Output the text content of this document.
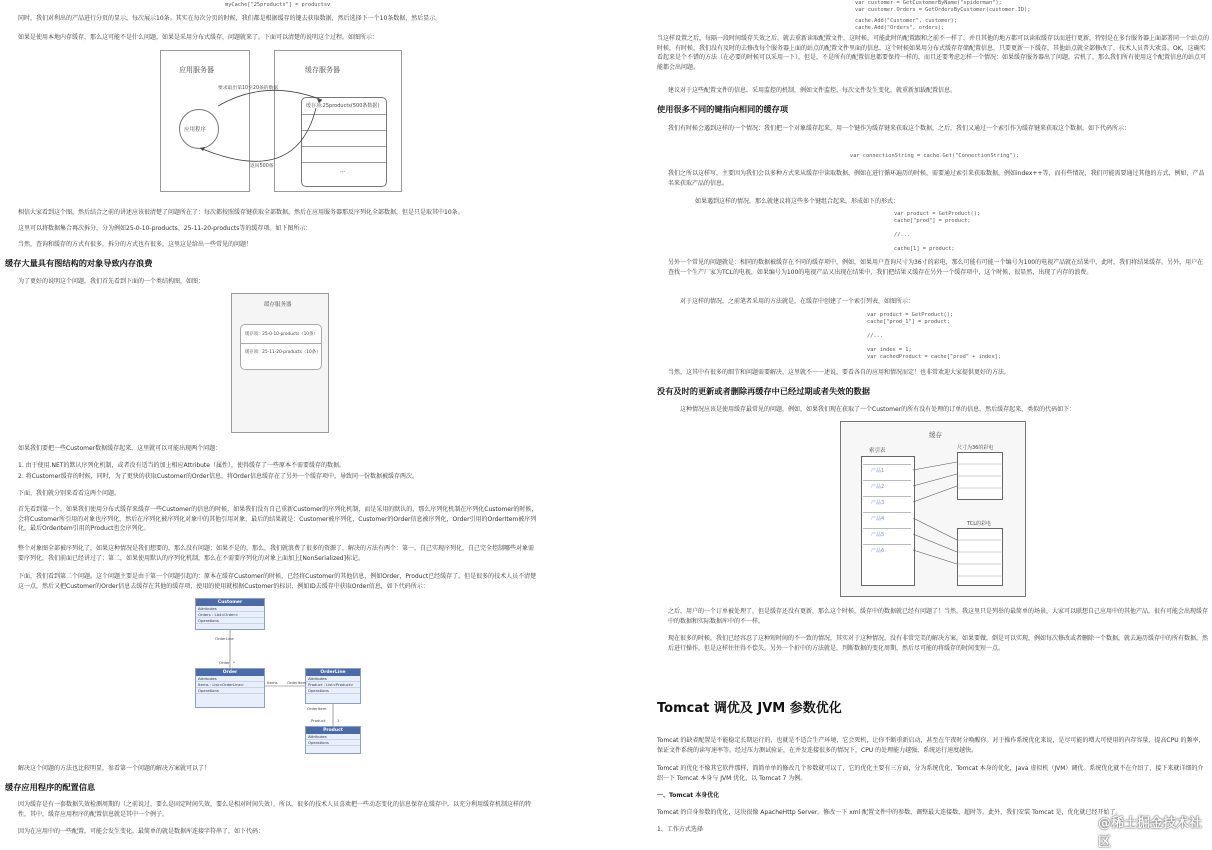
myCache["25products"] = productsv
同时，我们对利出的产品进行分页的显示，每次展示10条。其实在每次分页的时候，我们都是根据缓存的键去获取数据，然后选择下一个10条数据，然后显示。
如果是使用本地内存缓存，那么这可能不是什么问题，如果是采用分布式缓存，问题就来了。下面可以清楚的说明这个过程。如图所示：
应用服务器
应用程序
缓存服务器
缓存项:25products(500条数据)
...
要求取出第10至20条的数据
返回500条
相信大家看到这个图，然后结合之前的讲述应该很清楚了问题所在了：每次都按照缓存键获取全部数据，然后在应用服务器那反序列化全部数据，但是只是取其中10条。
这里可以将数据集合再次拆分，分为例如25-0-10-products、25-11-20-products等的缓存项。如下图所示：
当然，查询和缓存的方式有很多，拆分的方式也有很多，这里这是给出一些常见的问题！
缓存大量具有图结构的对象导致内存浪费
为了更好的说明这个问题，我们首先看到下面的一个类结构图，如图：
缓存服务器
缓存项：25-0-10-products（10条）
缓存项：25-11-20-products（10条）
如果我们要把一些Customer数据缓存起来，这里就可以可能出现两个问题：
1. 由于使用.NET的默认序列化机制，或者没有适当的加上相应Attribute（属性），使得缓存了一些原本不需要缓存的数据。
2. 将Customer缓存的时候，同时，为了更快的获取Customer的Order信息，将Order信息缓存在了另外一个缓存项中，导致同一份数据被缓存两次。
下面，我们就分别来看看这两个问题。
首先看到第一个。如果我们使用分布式缓存来缓存一些Customer的信息的时候，如果我们没有自己重新Customer的序列化机制，而是采用的默认的，那么序列化机制在序列化Customer的时候，会将Customer所引用的对象也序列化，然后在序列化被序列化对象中的其他引用对象，最后的结果就是：Customer被序列化，Customer的Order信息被序列化，Order引用的OrderItem被序列化，最后OrderItem引用的Product也会序列化。
整个对象图全部被序列化了，如果这种情况是我们想要的，那么没有问题；如果不是的，那么，我们就浪费了很多的资源了，解决的方法有两个：第一，自己实现序列化，自己完全控制哪些对象需要序列化，我们前面已经讲过了；第二，如果使用默认的序列化机制，那么在不需要序列化的对象上面加上[NonSerialized]标记。
下面，我们看到第二个问题。这个问题主要是由于第一个问题引起的：原本在缓存Customer的时候，已经将Customer的其他信息，例如Order，Product已经缓存了。但是很多的技术人员不清楚这一点，然后又把Customer的Order信息去缓存在其他的缓存项，使用的使用就根据Customer的标识，例如ID去缓存中获取Order信息，如下代码所示：
Customer
Attributes
Orders : List<Order>
Operations
Order
Attributes
Items : List<OrderLine>
Operations
OrderLine
Attributes
Product : List<Product>
Operations
Product
Attributes
Operations
OrderLine
Order *
Items OrderItem
OrderItem
Product	1
解决这个问题的方法也比较明显，参看第一个问题的解决方案就可以了！
缓存应用程序的配置信息
因为缓存是有一套数据失效检测周期的（之前说过，要么是固定时间失效，要么是相对时间失效），所以，很多的技术人员喜欢把一些动态变化的信息保存在缓存中，以充分利用缓存机制这样的特性，其中，缓存应用程序的配置信息就是其中一个例子。
因为在应用中的一些配置，可能会发生变化，最简单的就是数据库连接字符串了，如下代码：
var customer = GetCustomerByName("spiderman");
var customer.Orders = GetOrdersByCustomer(customer.ID);
cache.Add("Customer", customer);
cache.Add("Orders", orders);
当这样设置之后，每隔一段时间缓存失效之后，就去重新读取配置文件，这时候，可能此时的配置跟和之前不一样了，并且其他的地方都可以读取缓存以而进行更新，特别是在多台服务器上面部署同一个站点的时候，有时候，我们没有及时的去修改每个服务器上面的站点的配置文件里面的信息，这个时候如果用分布式缓存存储配置信息，只要更新一下缓存，其他站点就全部修改了，技术人员普大欢喜。OK，这确实看起来是个不错的方法（在必要的时候可以采用一下），但是，不是所有的配置信息都要保持一样的，而且还要考虑怎样一个情况：如果缓存服务器出了问题，宕机了，那么我们所有使用这个配置信息的站点可能都会出问题。
建议对于这些配置文件的信息，采用监控的机制，例如文件监控，每次文件发生变化，就重新加载配置信息。
使用很多不同的键指向相同的缓存项
我们有时候会遇到这样的一个情况：我们把一个对象缓存起来，用一个键作为缓存键来获取这个数据，之后，我们又通过一个索引作为缓存键来获取这个数据，如下代码所示：
var connectionString = cache.Get("ConnectionString");
我们之所以这样写，主要因为我们会以多种方式来从缓存中读取数据，例如在进行循环遍历的时候，需要通过索引来获取数据，例如index++等，而有些情况，我们可能需要通过其他的方式，例如，产品名来获取产品的信息。
如果遇到这样的情况，那么就建议将这些多个键组合起来，形成如下的形式：
var product = GetProduct();
cache["prod"] = product;

//...

cache[1] = product;
另外一个常见的问题就是：相同的数据被缓存在不同的缓存项中，例如，如果用户查询尺寸为36寸的彩电，那么可能有可能一个编号为100的电视产品就在结果中，此时，我们将结果缓存。另外，用户在查找一个生产厂家为TCL的电视，如果编号为100的电视产品又出现在结果中，我们把结果又缓存在另外一个缓存项中，这个时候，很显然，出现了内存的浪费。
对于这样的情况，之前笔者采用的方法就是，在缓存中创建了一个索引列表，如图所示：
var product = GetProduct();
cache["prod_1"] = product;

//...

var index = 1;
var cachedProduct = cache["prod" + index];
当然，这其中有很多的细节和问题需要解决，这里就不一一述说，要看各自的应用和情况而定！也非常欢迎大家提供更好的方法。
没有及时的更新或者删除再缓存中已经过期或者失效的数据
这种情况应该是使用缓存最常见的问题，例如，如果我们现在获取了一个Customer的所有没有处理的订单的信息，然后缓存起来，类似的代码如下：
缓存
索引表	尺寸为36的彩电
TCL的彩电
产品1
产品2
产品3
产品4
产品5
产品6
之后，用户的一个订单被处理了，但是缓存还没有更新，那么这个时候，缓存中的数据就已经有问题了！当然，我这里只是列举的最简单的场景，大家可以联想自己应用中的其他产品，很有可能会出现缓存中的数据和实际数据库中的不一样。
现在很多的时候，我们已经容忍了这种短时间的不一致的情况，其实对于这种情况，没有非常完美的解决方案，如果要做，倒是可以实现，例如每次修改或者删除一个数据，就去遍历缓存中的所有数据，然后进行操作，但是这样往往得不偿失。另外一个折中的方法就是，判断数据的变化周期，然后尽可能的将缓存的时间变短一点。
Tomcat 调优及 JVM 参数优化
Tomcat 的缺省配置是不能稳定长期运行的，也就是不适合生产环境，它会死机，让你不断重新启动，甚至在午夜时分唤醒你。对于操作系统优化来说，是尽可能的增大可使用的内存容量、提高CPU 的频率，保证文件系统的读写速率等。经过压力测试验证，在并发连接很多的情况下，CPU 的处理能力越强，系统运行速度越快。
Tomcat 的优化不像其它软件那样，简简单单的修改几个参数就可以了，它的优化主要有三方面，分为系统优化，Tomcat 本身的优化，Java 虚拟机（JVM）调优。系统优化就不在介绍了，接下来就详细的介绍一下 Tomcat 本身与 JVM 优化，以 Tomcat 7 为例。
一、Tomcat 本身优化
Tomcat 的自身参数的优化，这块很像 ApacheHttp Server。修改一下 xml 配置文件中的参数，调整最大连接数，超时等。此外，我们安装 Tomcat 是，优化就已经开始了。
1、工作方式选择	@稀土掘金技术社区
